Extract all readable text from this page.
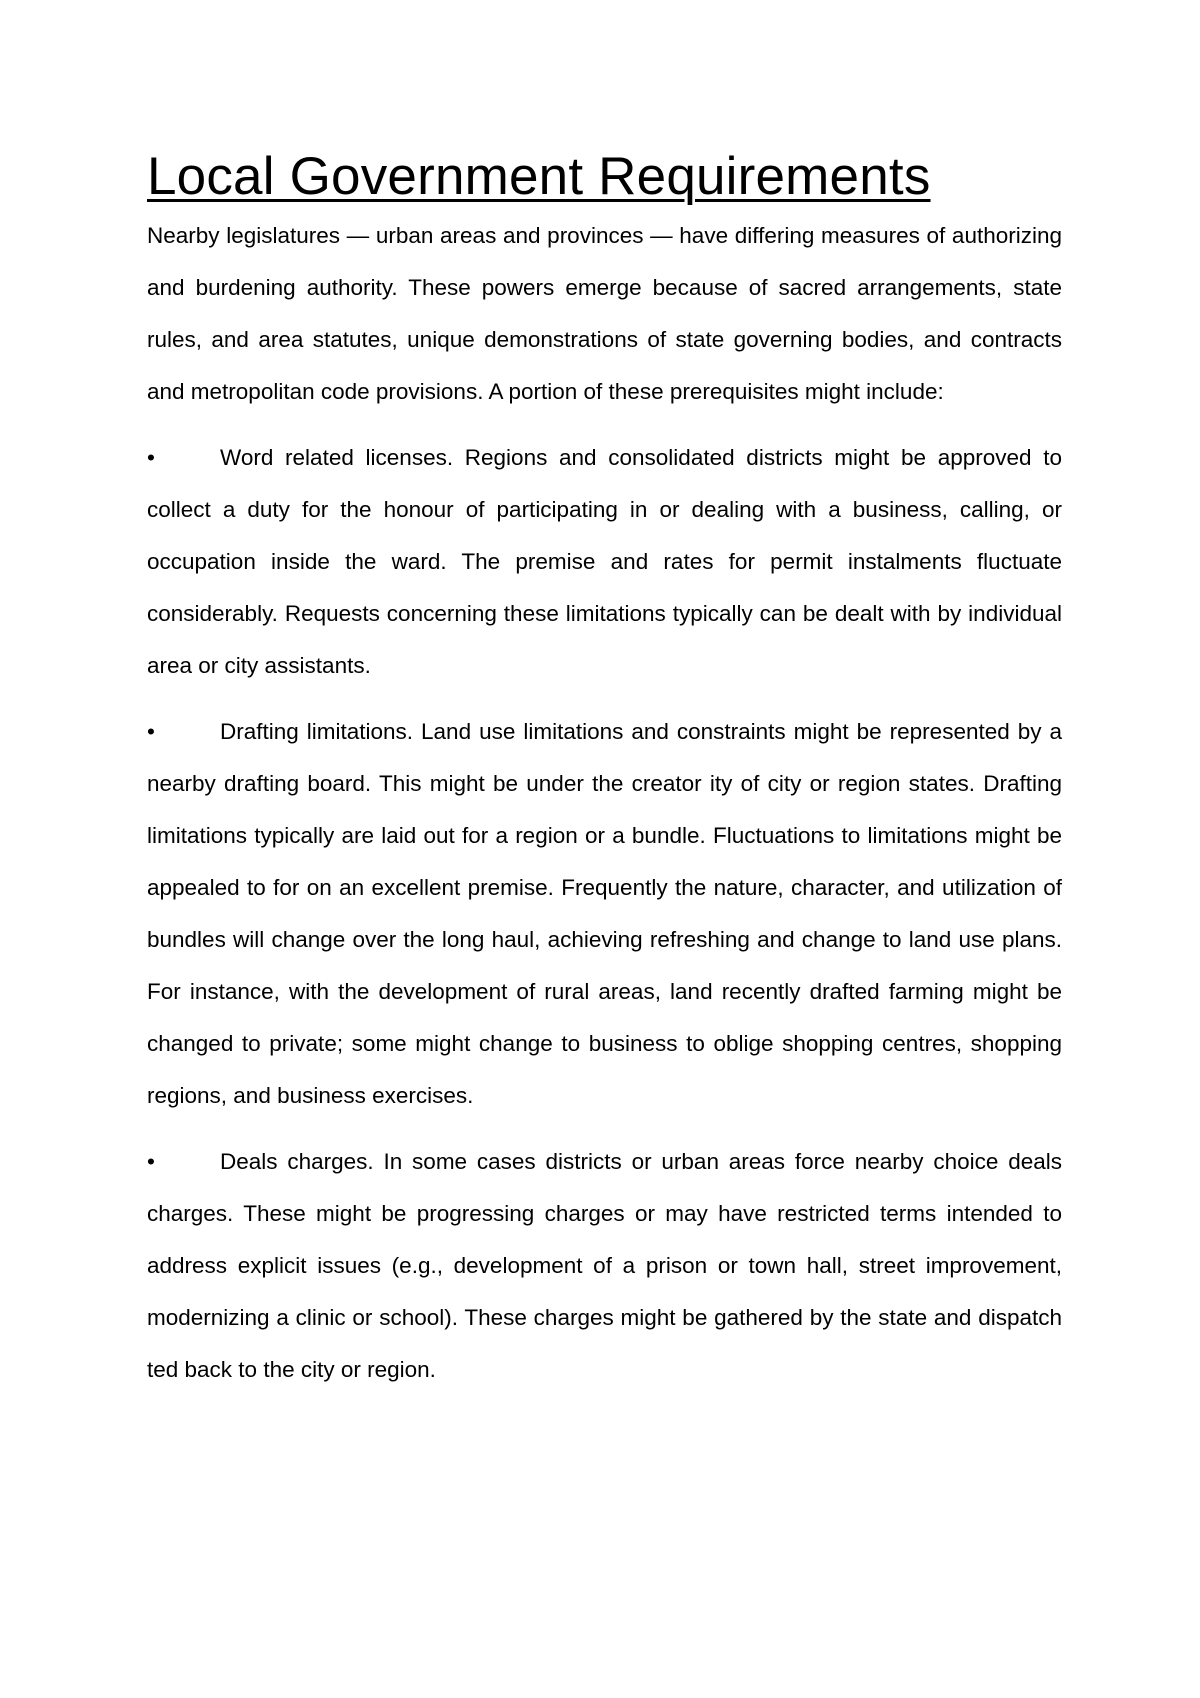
Local Government Requirements

Nearby legislatures — urban areas and provinces — have differing measures of authorizing and burdening authority. These powers emerge because of sacred arrangements, state rules, and area statutes, unique demonstrations of state governing bodies, and contracts and metropolitan code provisions. A portion of these prerequisites might include:

•	Word related licenses. Regions and consolidated districts might be approved to collect a duty for the honour of participating in or dealing with a business, calling, or occupation inside the ward. The premise and rates for permit instalments fluctuate considerably. Requests concerning these limitations typically can be dealt with by individual area or city assistants.

•	Drafting limitations. Land use limitations and constraints might be represented by a nearby drafting board. This might be under the creator ity of city or region states. Drafting limitations typically are laid out for a region or a bundle. Fluctuations to limitations might be appealed to for on an excellent premise. Frequently the nature, character, and utilization of bundles will change over the long haul, achieving refreshing and change to land use plans. For instance, with the development of rural areas, land recently drafted farming might be changed to private; some might change to business to oblige shopping centres, shopping regions, and business exercises.

•	Deals charges. In some cases districts or urban areas force nearby choice deals charges. These might be progressing charges or may have restricted terms intended to address explicit issues (e.g., development of a prison or town hall, street improvement, modernizing a clinic or school). These charges might be gathered by the state and dispatch ted back to the city or region.
